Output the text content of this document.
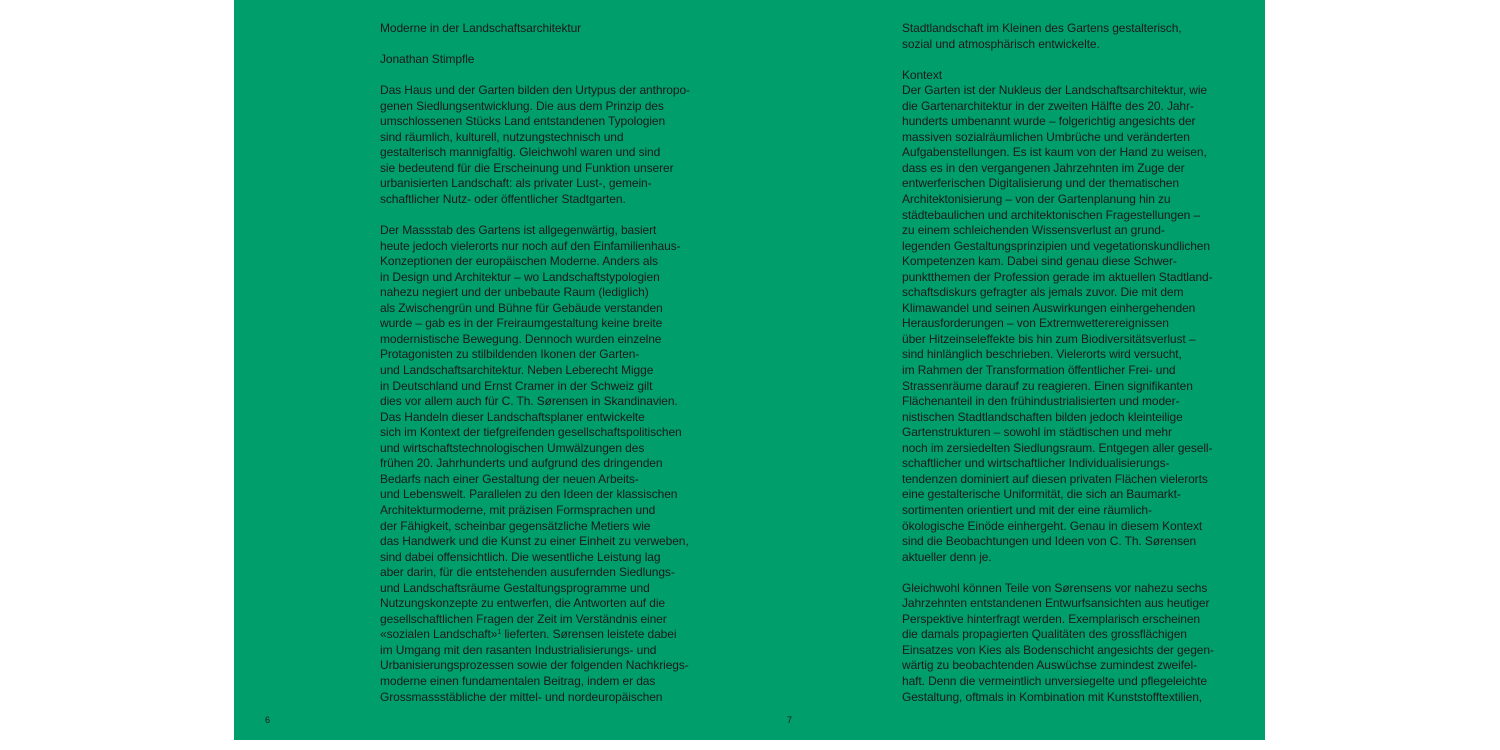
Moderne in der Landschaftsarchitektur
Jonathan Stimpfle
Das Haus und der Garten bilden den Urtypus der anthropo-
genen Siedlungsentwicklung. Die aus dem Prinzip des
umschlossenen Stücks Land entstandenen Typologien
sind räumlich, kulturell, nutzungstechnisch und
gestalterisch mannigfaltig. Gleichwohl waren und sind
sie bedeutend für die Erscheinung und Funktion unserer
urbanisierten Landschaft: als privater Lust-, gemein-
schaftlicher Nutz- oder öffentlicher Stadtgarten.
Der Massstab des Gartens ist allgegenwärtig, basiert
heute jedoch vielerorts nur noch auf den Einfamilienhaus-
Konzeptionen der europäischen Moderne. Anders als
in Design und Architektur – wo Landschaftstypologien
nahezu negiert und der unbebaute Raum (lediglich)
als Zwischengrün und Bühne für Gebäude verstanden
wurde – gab es in der Freiraumgestaltung keine breite
modernistische Bewegung. Dennoch wurden einzelne
Protagonisten zu stilbildenden Ikonen der Garten-
und Landschaftsarchitektur. Neben Leberecht Migge
in Deutschland und Ernst Cramer in der Schweiz gilt
dies vor allem auch für C. Th. Sørensen in Skandinavien.
Das Handeln dieser Landschaftsplaner entwickelte
sich im Kontext der tiefgreifenden gesellschaftspolitischen
und wirtschaftstechnologischen Umwälzungen des
frühen 20. Jahrhunderts und aufgrund des dringenden
Bedarfs nach einer Gestaltung der neuen Arbeits-
und Lebenswelt. Parallelen zu den Ideen der klassischen
Architekturmoderne, mit präzisen Formsprachen und
der Fähigkeit, scheinbar gegensätzliche Metiers wie
das Handwerk und die Kunst zu einer Einheit zu verweben,
sind dabei offensichtlich. Die wesentliche Leistung lag
aber darin, für die entstehenden ausufernden Siedlungs-
und Landschaftsräume Gestaltungsprogramme und
Nutzungskonzepte zu entwerfen, die Antworten auf die
gesellschaftlichen Fragen der Zeit im Verständnis einer
«sozialen Landschaft»$^1$ lieferten. Sørensen leistete dabei
im Umgang mit den rasanten Industrialisierungs- und
Urbanisierungsprozessen sowie der folgenden Nachkriegs-
moderne einen fundamentalen Beitrag, indem er das
Grossmassstäbliche der mittel- und nordeuropäischen
Stadtlandschaft im Kleinen des Gartens gestalterisch,
sozial und atmosphärisch entwickelte.
Kontext
Der Garten ist der Nukleus der Landschaftsarchitektur, wie
die Gartenarchitektur in der zweiten Hälfte des 20. Jahr-
hunderts umbenannt wurde – folgerichtig angesichts der
massiven sozialräumlichen Umbrüche und veränderten
Aufgabenstellungen. Es ist kaum von der Hand zu weisen,
dass es in den vergangenen Jahrzehnten im Zuge der
entwerferischen Digitalisierung und der thematischen
Architektonisierung – von der Gartenplanung hin zu
städtebaulichen und architektonischen Fragestellungen –
zu einem schleichenden Wissensverlust an grund-
legenden Gestaltungsprinzipien und vegetationskundlichen
Kompetenzen kam. Dabei sind genau diese Schwer-
punktthemen der Profession gerade im aktuellen Stadtland-
schaftsdiskurs gefragter als jemals zuvor. Die mit dem
Klimawandel und seinen Auswirkungen einhergehenden
Herausforderungen – von Extremwetterereignissen
über Hitzeinseleffekte bis hin zum Biodiversitätsverlust –
sind hinlänglich beschrieben. Vielerorts wird versucht,
im Rahmen der Transformation öffentlicher Frei- und
Strassenräume darauf zu reagieren. Einen signifikanten
Flächenanteil in den frühindustrialisierten und moder-
nistischen Stadtlandschaften bilden jedoch kleinteilige
Gartenstrukturen – sowohl im städtischen und mehr
noch im zersiedelten Siedlungsraum. Entgegen aller gesell-
schaftlicher und wirtschaftlicher Individualisierungs-
tendenzen dominiert auf diesen privaten Flächen vielerorts
eine gestalterische Uniformität, die sich an Baumarkt-
sortimenten orientiert und mit der eine räumlich-
ökologische Einöde einhergeht. Genau in diesem Kontext
sind die Beobachtungen und Ideen von C. Th. Sørensen
aktueller denn je.
Gleichwohl können Teile von Sørensens vor nahezu sechs
Jahrzehnten entstandenen Entwurfsansichten aus heutiger
Perspektive hinterfragt werden. Exemplarisch erscheinen
die damals propagierten Qualitäten des grossflächigen
Einsatzes von Kies als Bodenschicht angesichts der gegen-
wärtig zu beobachtenden Auswüchse zumindest zweifel-
haft. Denn die vermeintlich unversiegelte und pflegeleichte
Gestaltung, oftmals in Kombination mit Kunststofftextilien,
6	7
